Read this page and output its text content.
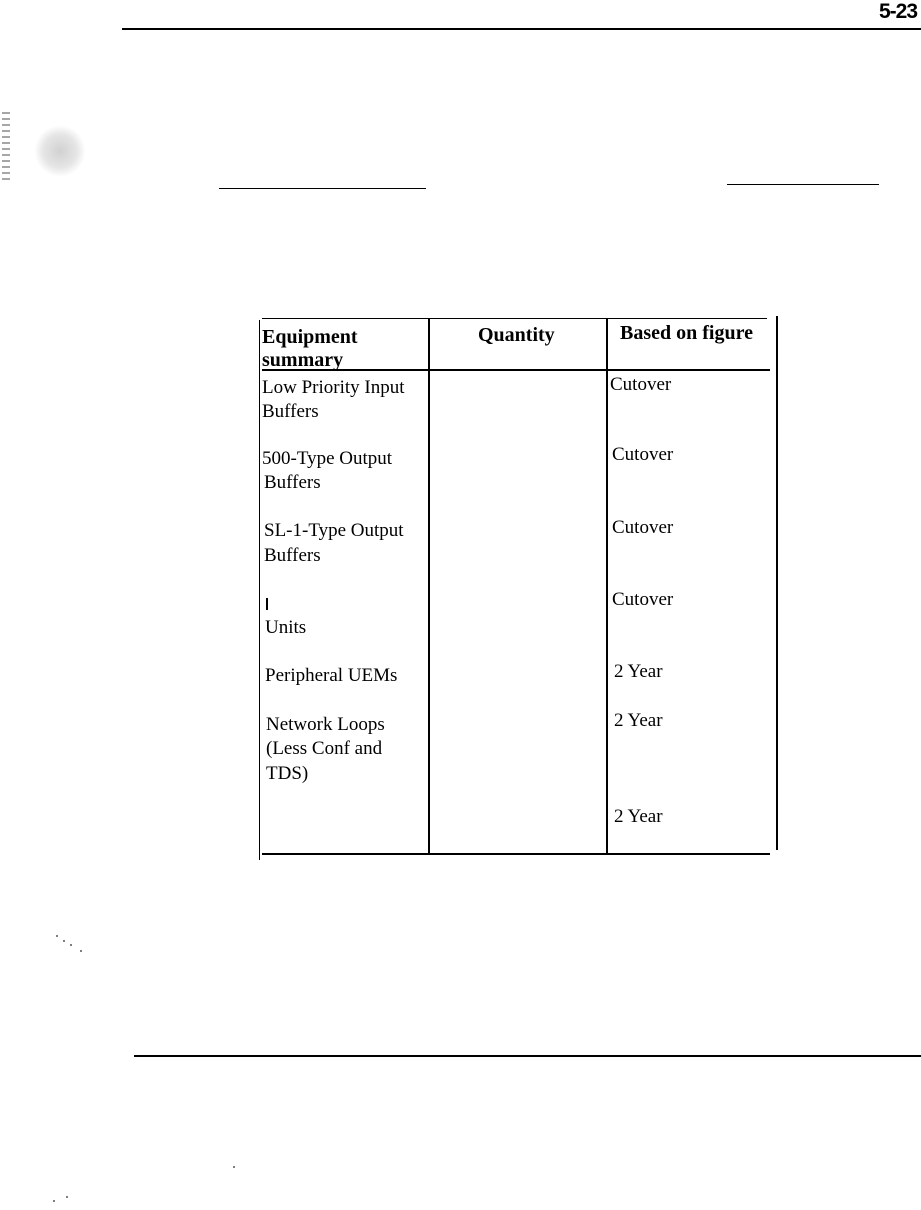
5-23
Equipment
summary
Quantity	Based on figure
Low Priority Input
Buffers
Cutover
500-Type Output
Buffers
Cutover
SL-1-Type Output
Buffers
Cutover
Units
Cutover
Peripheral UEMs	2 Year
Network Loops
(Less Conf and
TDS)
2 Year
2 Year
